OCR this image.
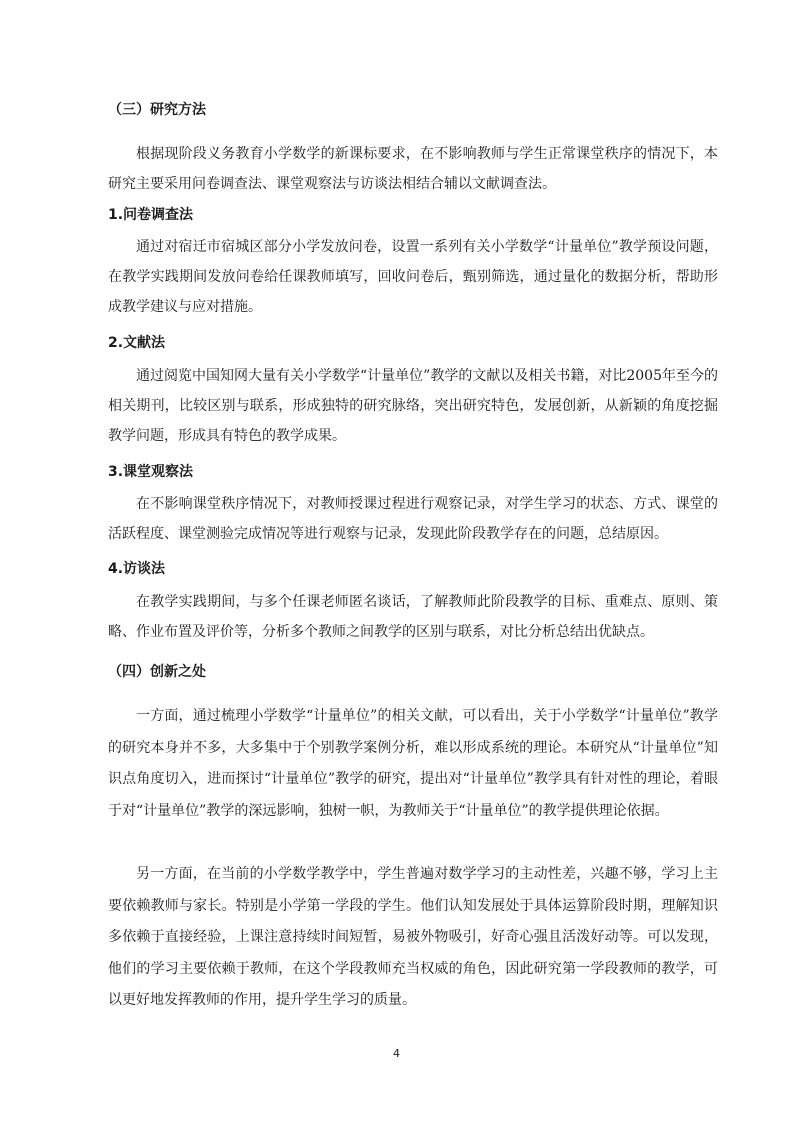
（三）研究方法

根据现阶段义务教育小学数学的新课标要求，在不影响教师与学生正常课堂秩序的情况下，本研究主要采用问卷调查法、课堂观察法与访谈法相结合辅以文献调查法。

1.问卷调查法

通过对宿迁市宿城区部分小学发放问卷，设置一系列有关小学数学“计量单位”教学预设问题，在教学实践期间发放问卷给任课教师填写，回收问卷后，甄别筛选，通过量化的数据分析，帮助形成教学建议与应对措施。

2.文献法

通过阅览中国知网大量有关小学数学“计量单位”教学的文献以及相关书籍，对比2005年至今的相关期刊，比较区别与联系，形成独特的研究脉络，突出研究特色，发展创新，从新颖的角度挖掘教学问题，形成具有特色的教学成果。

3.课堂观察法

在不影响课堂秩序情况下，对教师授课过程进行观察记录，对学生学习的状态、方式、课堂的活跃程度、课堂测验完成情况等进行观察与记录，发现此阶段教学存在的问题，总结原因。

4.访谈法

在教学实践期间，与多个任课老师匿名谈话，了解教师此阶段教学的目标、重难点、原则、策略、作业布置及评价等，分析多个教师之间教学的区别与联系，对比分析总结出优缺点。

（四）创新之处

一方面，通过梳理小学数学“计量单位”的相关文献，可以看出，关于小学数学“计量单位”教学的研究本身并不多，大多集中于个别教学案例分析，难以形成系统的理论。本研究从“计量单位”知识点角度切入，进而探讨“计量单位”教学的研究，提出对“计量单位”教学具有针对性的理论，着眼于对“计量单位”教学的深远影响，独树一帜，为教师关于“计量单位”的教学提供理论依据。

另一方面，在当前的小学数学教学中，学生普遍对数学学习的主动性差，兴趣不够，学习上主要依赖教师与家长。特别是小学第一学段的学生。他们认知发展处于具体运算阶段时期，理解知识多依赖于直接经验，上课注意持续时间短暂，易被外物吸引，好奇心强且活泼好动等。可以发现，他们的学习主要依赖于教师，在这个学段教师充当权威的角色，因此研究第一学段教师的教学，可以更好地发挥教师的作用，提升学生学习的质量。

4
